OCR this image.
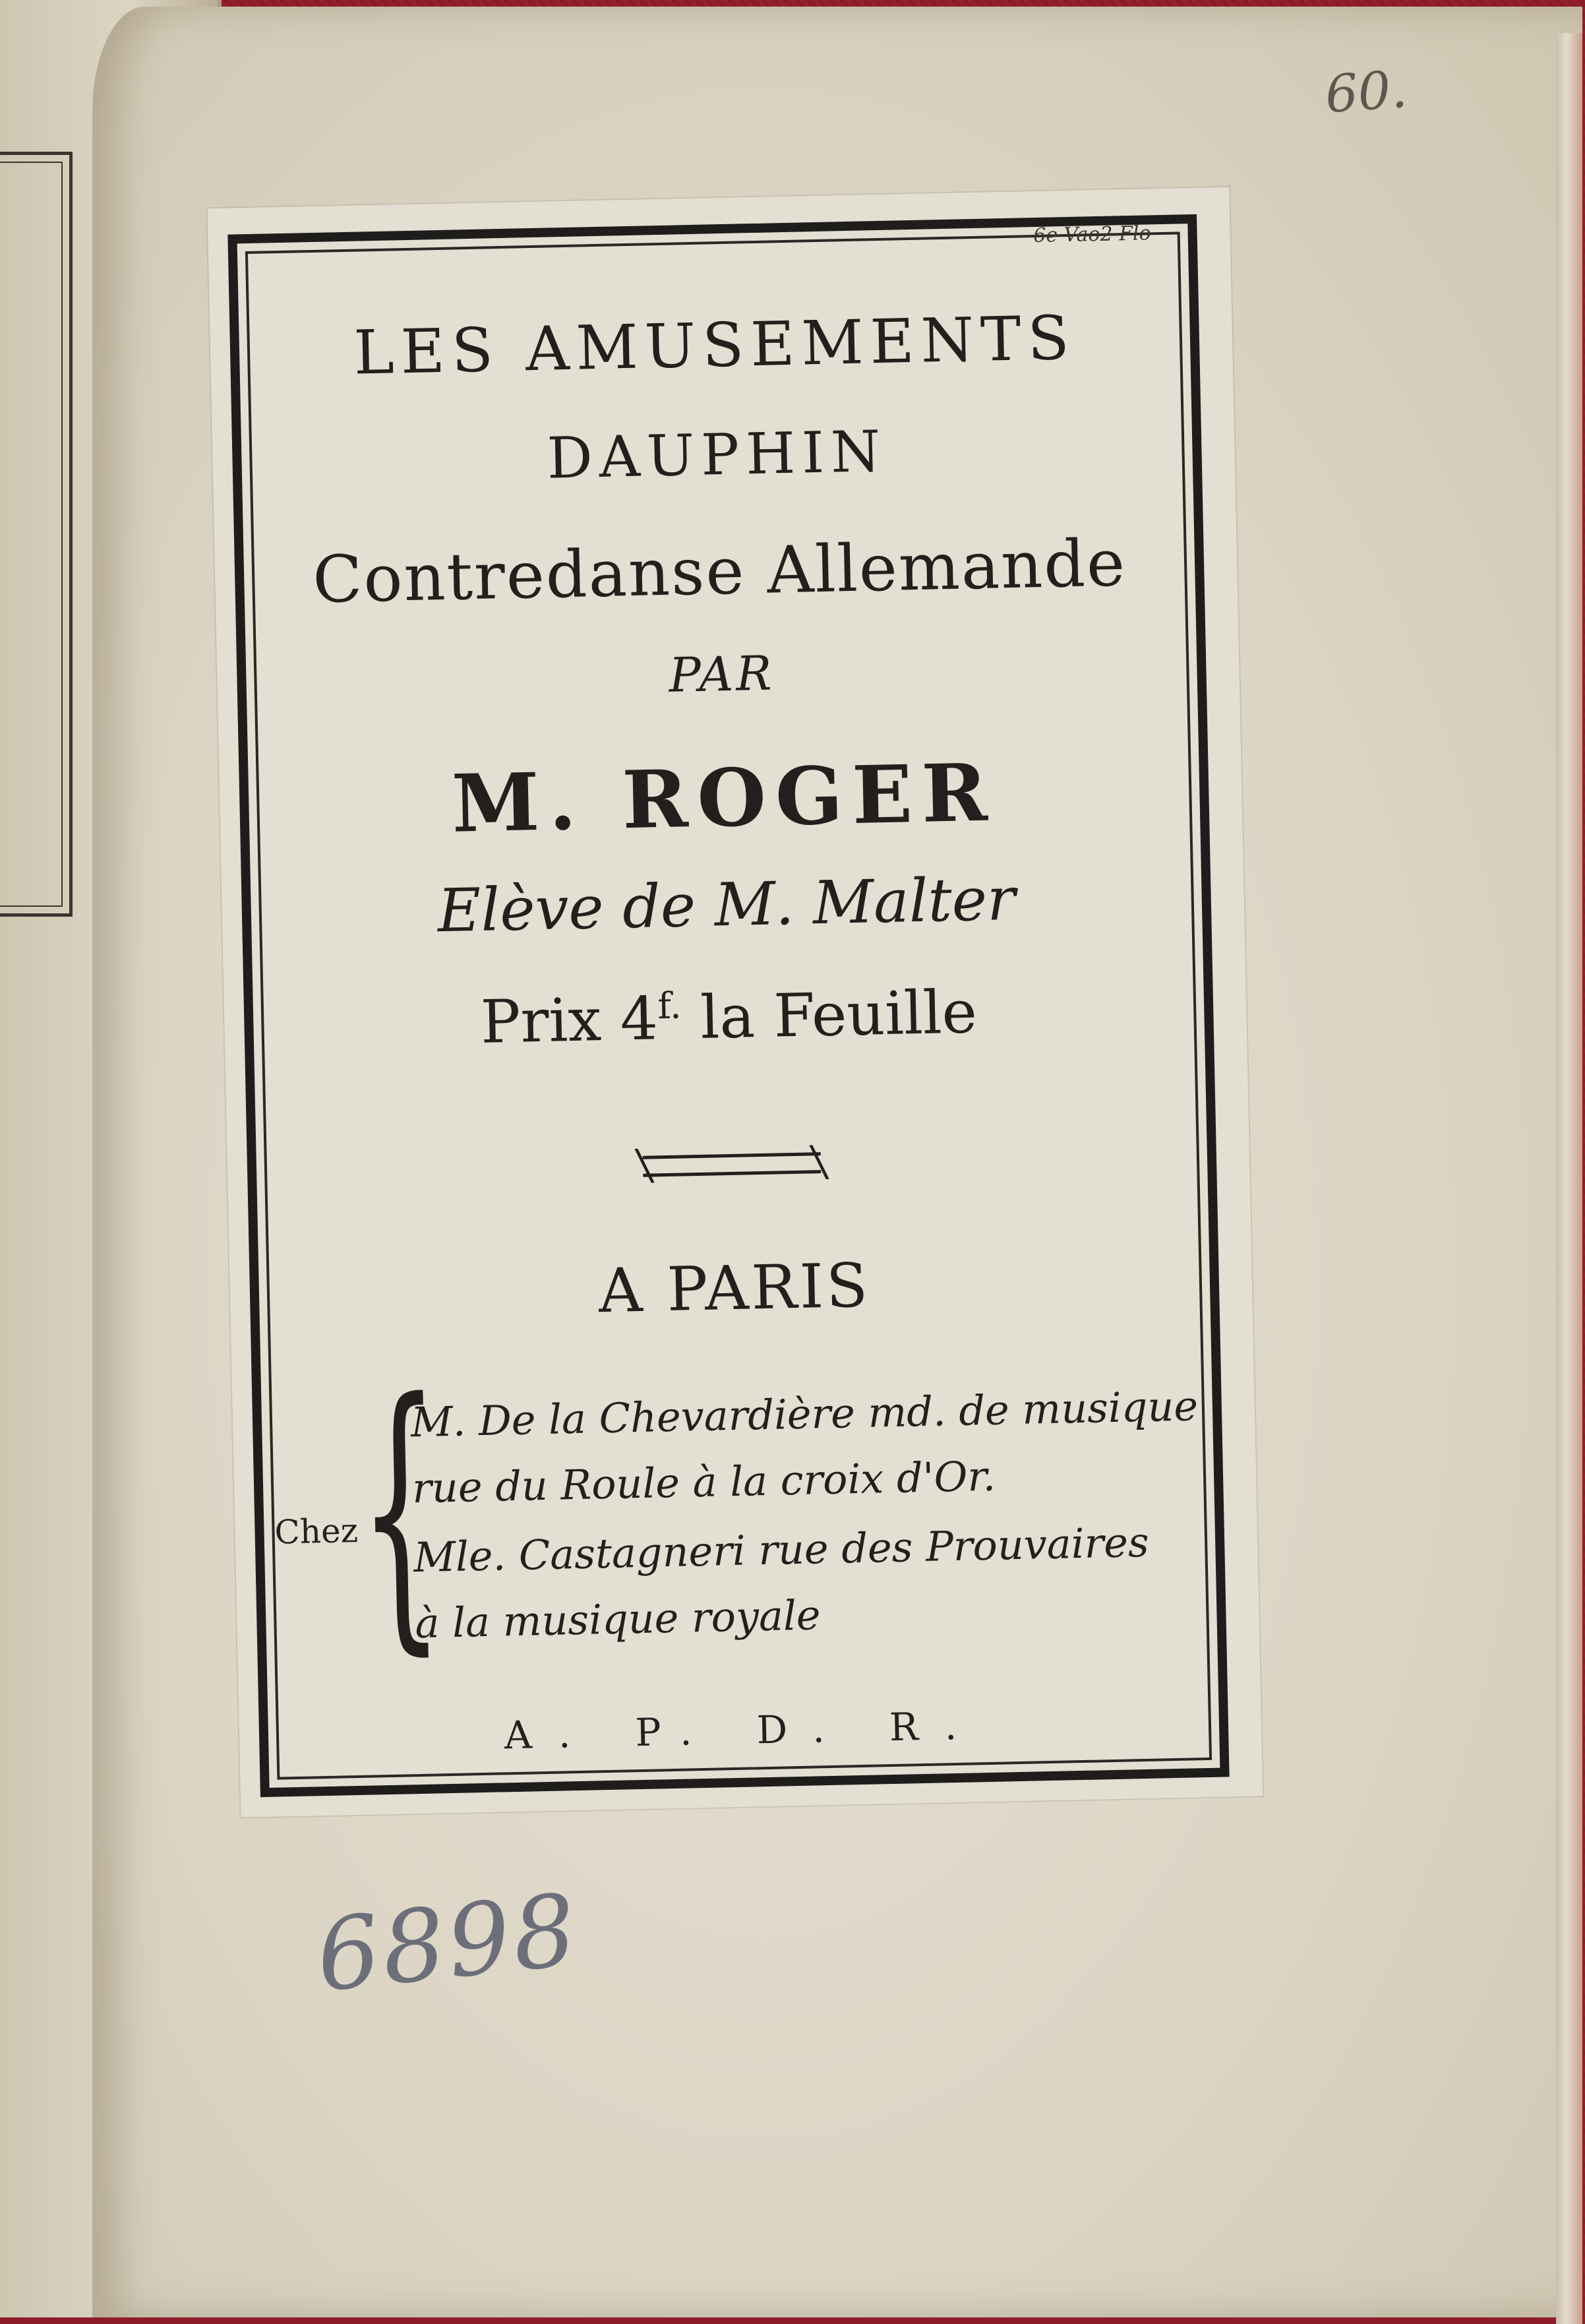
60.
6e Vao2 Flo
LES AMUSEMENTS
DAUPHIN
Contredanse Allemande
PAR
M. ROGER
Elève de M. Malter
Prix $4^{f.}$ la Feuille
A PARIS
Chez
{
M. De la Chevardière md. de musique
rue du Roule à la croix d'Or.
Mle. Castagneri rue des Prouvaires
à la musique royale
A. P. D. R.
6898
